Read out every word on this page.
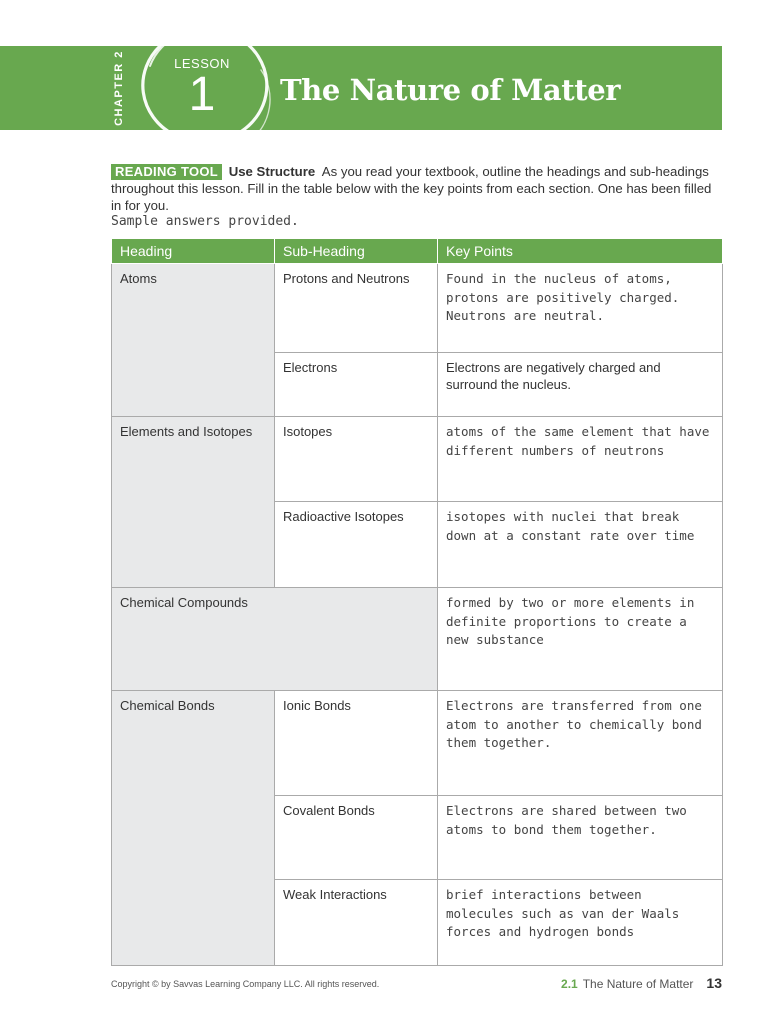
CHAPTER 2	LESSON
1	The Nature of Matter
READING TOOL Use Structure As you read your textbook, outline the headings and sub-headings throughout this lesson. Fill in the table below with the key points from each section. One has been filled in for you.
Sample answers provided.
Heading	Sub-Heading	Key Points
Atoms	Protons and Neutrons	Found in the nucleus of atoms, protons are positively charged. Neutrons are neutral.
	Electrons	Electrons are negatively charged and surround the nucleus.
Elements and Isotopes	Isotopes	atoms of the same element that have different numbers of neutrons
	Radioactive Isotopes	isotopes with nuclei that break down at a constant rate over time
Chemical Compounds		formed by two or more elements in definite proportions to create a new substance
Chemical Bonds	Ionic Bonds	Electrons are transferred from one atom to another to chemically bond them together.
	Covalent Bonds	Electrons are shared between two atoms to bond them together.
	Weak Interactions	brief interactions between molecules such as van der Waals forces and hydrogen bonds
Copyright © by Savvas Learning Company LLC. All rights reserved.	2.1 The Nature of Matter 13
